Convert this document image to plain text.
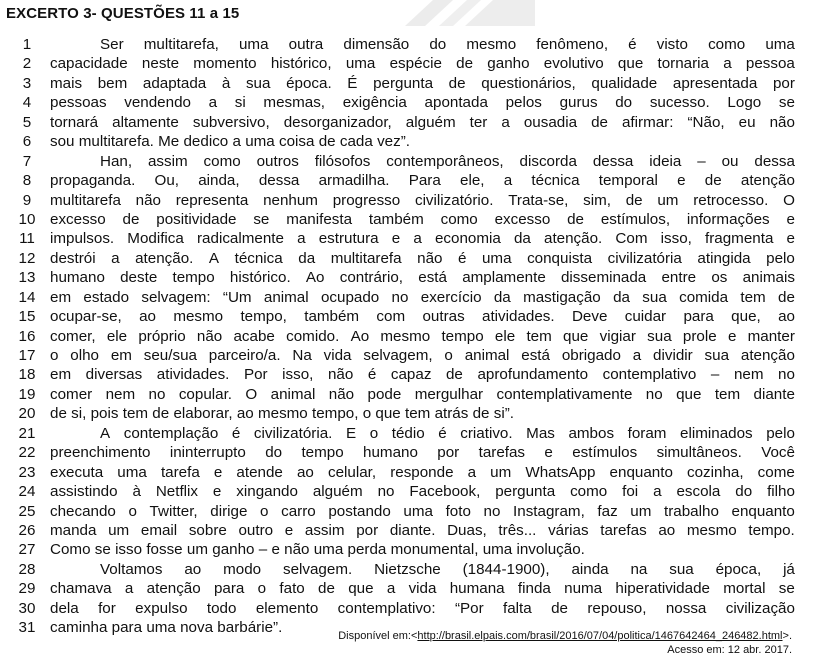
EXCERTO 3- QUESTÕES 11 a 15
1	Ser multitarefa, uma outra dimensão do mesmo fenômeno, é visto como uma
2	capacidade neste momento histórico, uma espécie de ganho evolutivo que tornaria a pessoa
3	mais bem adaptada à sua época. É pergunta de questionários, qualidade apresentada por
4	pessoas vendendo a si mesmas, exigência apontada pelos gurus do sucesso. Logo se
5	tornará altamente subversivo, desorganizador, alguém ter a ousadia de afirmar: “Não, eu não
6	sou multitarefa. Me dedico a uma coisa de cada vez”.
7	Han, assim como outros filósofos contemporâneos, discorda dessa ideia – ou dessa
8	propaganda. Ou, ainda, dessa armadilha. Para ele, a técnica temporal e de atenção
9	multitarefa não representa nenhum progresso civilizatório. Trata-se, sim, de um retrocesso. O
10 excesso de positividade se manifesta também como excesso de estímulos, informações e
11 impulsos. Modifica radicalmente a estrutura e a economia da atenção. Com isso, fragmenta e
12 destrói a atenção. A técnica da multitarefa não é uma conquista civilizatória atingida pelo
13 humano deste tempo histórico. Ao contrário, está amplamente disseminada entre os animais
14 em estado selvagem: “Um animal ocupado no exercício da mastigação da sua comida tem de
15 ocupar-se, ao mesmo tempo, também com outras atividades. Deve cuidar para que, ao
16 comer, ele próprio não acabe comido. Ao mesmo tempo ele tem que vigiar sua prole e manter
17 o olho em seu/sua parceiro/a. Na vida selvagem, o animal está obrigado a dividir sua atenção
18 em diversas atividades. Por isso, não é capaz de aprofundamento contemplativo – nem no
19 comer nem no copular. O animal não pode mergulhar contemplativamente no que tem diante
20 de si, pois tem de elaborar, ao mesmo tempo, o que tem atrás de si”.
21	A contemplação é civilizatória. E o tédio é criativo. Mas ambos foram eliminados pelo
22 preenchimento ininterrupto do tempo humano por tarefas e estímulos simultâneos. Você
23 executa uma tarefa e atende ao celular, responde a um WhatsApp enquanto cozinha, come
24 assistindo à Netflix e xingando alguém no Facebook, pergunta como foi a escola do filho
25 checando o Twitter, dirige o carro postando uma foto no Instagram, faz um trabalho enquanto
26 manda um email sobre outro e assim por diante. Duas, três... várias tarefas ao mesmo tempo.
27 Como se isso fosse um ganho – e não uma perda monumental, uma involução.
28	Voltamos ao modo selvagem. Nietzsche (1844-1900), ainda na sua época, já
29 chamava a atenção para o fato de que a vida humana finda numa hiperatividade mortal se
30 dela for expulso todo elemento contemplativo: “Por falta de repouso, nossa civilização
31 caminha para uma nova barbárie”.	Disponível em:<http://brasil.elpais.com/brasil/2016/07/04/politica/1467642464_246482.html>.
Acesso em: 12 abr. 2017.
